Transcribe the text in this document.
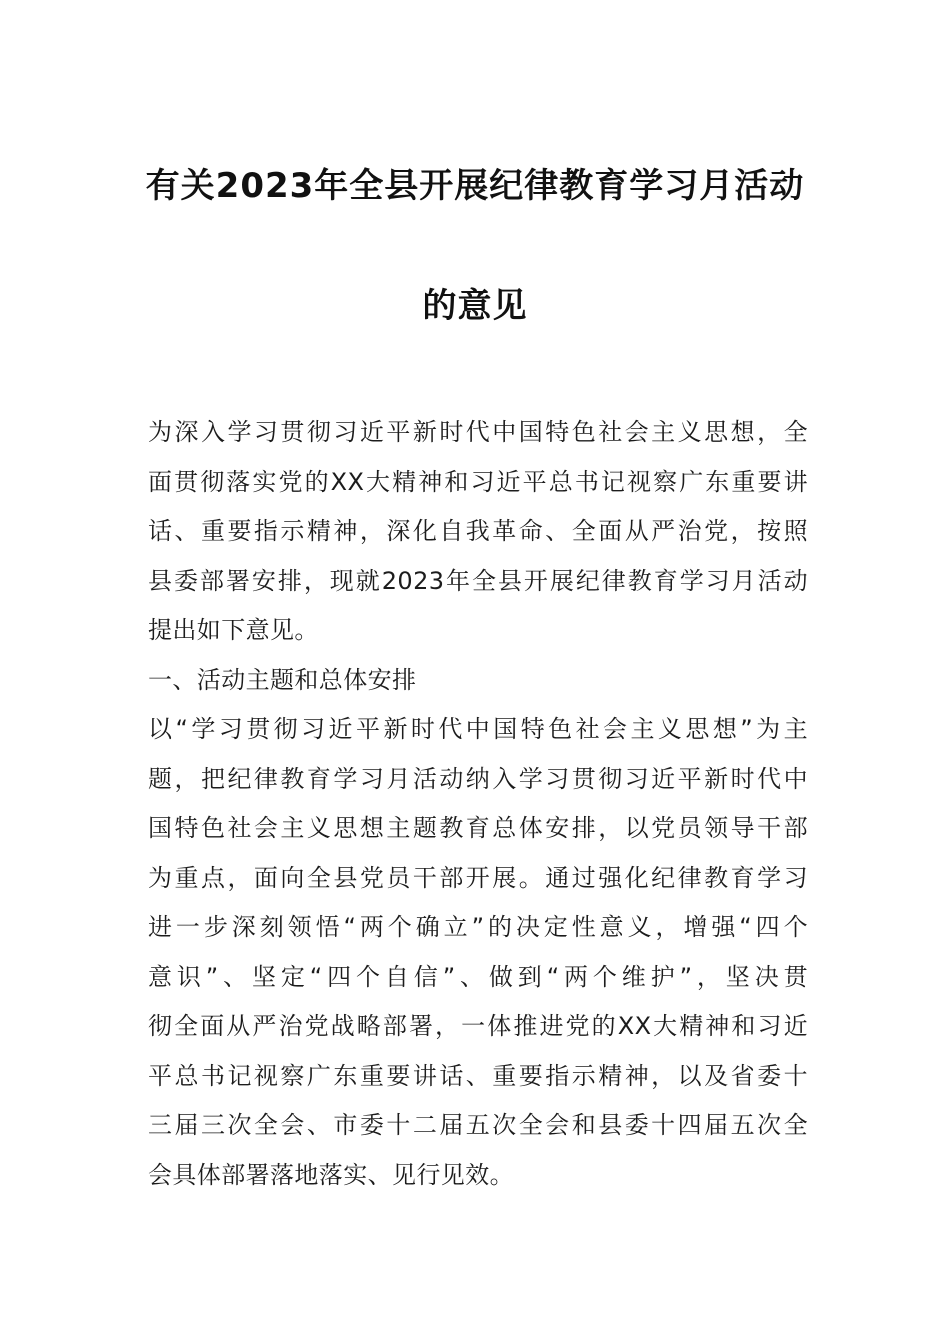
有关2023年全县开展纪律教育学习月活动
的意见
为深入学习贯彻习近平新时代中国特色社会主义思想，全
面贯彻落实党的XX大精神和习近平总书记视察广东重要讲
话、重要指示精神，深化自我革命、全面从严治党，按照
县委部署安排，现就2023年全县开展纪律教育学习月活动
提出如下意见。
一、活动主题和总体安排
以“学习贯彻习近平新时代中国特色社会主义思想”为主
题，把纪律教育学习月活动纳入学习贯彻习近平新时代中
国特色社会主义思想主题教育总体安排，以党员领导干部
为重点，面向全县党员干部开展。通过强化纪律教育学习
进一步深刻领悟“两个确立”的决定性意义，增强“四个
意识”、坚定“四个自信”、做到“两个维护”，坚决贯
彻全面从严治党战略部署，一体推进党的XX大精神和习近
平总书记视察广东重要讲话、重要指示精神，以及省委十
三届三次全会、市委十二届五次全会和县委十四届五次全
会具体部署落地落实、见行见效。
